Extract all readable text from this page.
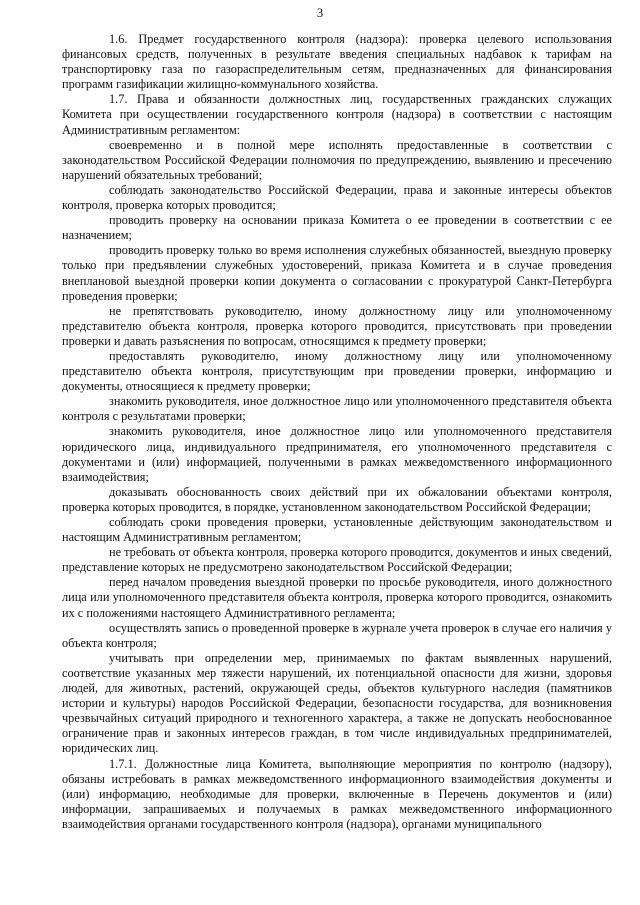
3

1.6. Предмет государственного контроля (надзора): проверка целевого использования финансовых средств, полученных в результате введения специальных надбавок к тарифам на транспортировку газа по газораспределительным сетям, предназначенных для финансирования программ газификации жилищно-коммунального хозяйства.

1.7. Права и обязанности должностных лиц, государственных гражданских служащих Комитета при осуществлении государственного контроля (надзора) в соответствии с настоящим Административным регламентом:

своевременно и в полной мере исполнять предоставленные в соответствии с законодательством Российской Федерации полномочия по предупреждению, выявлению и пресечению нарушений обязательных требований;

соблюдать законодательство Российской Федерации, права и законные интересы объектов контроля, проверка которых проводится;

проводить проверку на основании приказа Комитета о ее проведении в соответствии с ее назначением;

проводить проверку только во время исполнения служебных обязанностей, выездную проверку только при предъявлении служебных удостоверений, приказа Комитета и в случае проведения внеплановой выездной проверки копии документа о согласовании с прокуратурой Санкт-Петербурга проведения проверки;

не препятствовать руководителю, иному должностному лицу или уполномоченному представителю объекта контроля, проверка которого проводится, присутствовать при проведении проверки и давать разъяснения по вопросам, относящимся к предмету проверки;

предоставлять руководителю, иному должностному лицу или уполномоченному представителю объекта контроля, присутствующим при проведении проверки, информацию и документы, относящиеся к предмету проверки;

знакомить руководителя, иное должностное лицо или уполномоченного представителя объекта контроля с результатами проверки;

знакомить руководителя, иное должностное лицо или уполномоченного представителя юридического лица, индивидуального предпринимателя, его уполномоченного представителя с документами и (или) информацией, полученными в рамках межведомственного информационного взаимодействия;

доказывать обоснованность своих действий при их обжаловании объектами контроля, проверка которых проводится, в порядке, установленном законодательством Российской Федерации;

соблюдать сроки проведения проверки, установленные действующим законодательством и настоящим Административным регламентом;

не требовать от объекта контроля, проверка которого проводится, документов и иных сведений, представление которых не предусмотрено законодательством Российской Федерации;

перед началом проведения выездной проверки по просьбе руководителя, иного должностного лица или уполномоченного представителя объекта контроля, проверка которого проводится, ознакомить их с положениями настоящего Административного регламента;

осуществлять запись о проведенной проверке в журнале учета проверок в случае его наличия у объекта контроля;

учитывать при определении мер, принимаемых по фактам выявленных нарушений, соответствие указанных мер тяжести нарушений, их потенциальной опасности для жизни, здоровья людей, для животных, растений, окружающей среды, объектов культурного наследия (памятников истории и культуры) народов Российской Федерации, безопасности государства, для возникновения чрезвычайных ситуаций природного и техногенного характера, а также не допускать необоснованное ограничение прав и законных интересов граждан, в том числе индивидуальных предпринимателей, юридических лиц.

1.7.1. Должностные лица Комитета, выполняющие мероприятия по контролю (надзору), обязаны истребовать в рамках межведомственного информационного взаимодействия документы и (или) информацию, необходимые для проверки, включенные в Перечень документов и (или) информации, запрашиваемых и получаемых в рамках межведомственного информационного взаимодействия органами государственного контроля (надзора), органами муниципального
